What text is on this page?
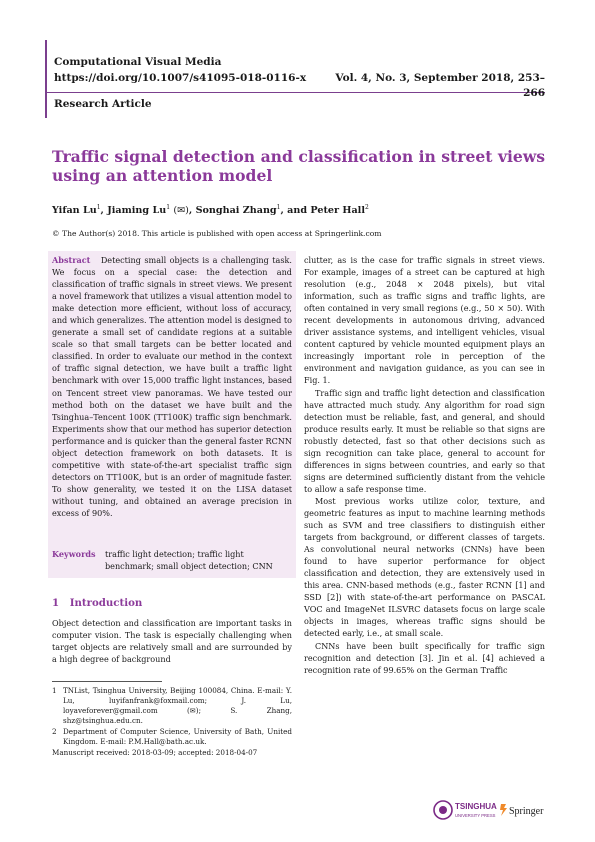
Computational Visual Media
https://doi.org/10.1007/s41095-018-0116-x	Vol. 4, No. 3, September 2018, 253–266
Research Article
Traffic signal detection and classification in street views using an attention model
Yifan Lu$^1$, Jiaming Lu$^1$ (✉), Songhai Zhang$^1$, and Peter Hall$^2$
© The Author(s) 2018. This article is published with open access at Springerlink.com

Abstract Detecting small objects is a challenging task. We focus on a special case: the detection and classification of traffic signals in street views. We present a novel framework that utilizes a visual attention model to make detection more efficient, without loss of accuracy, and which generalizes. The attention model is designed to generate a small set of candidate regions at a suitable scale so that small targets can be better located and classified. In order to evaluate our method in the context of traffic signal detection, we have built a traffic light benchmark with over 15,000 traffic light instances, based on Tencent street view panoramas. We have tested our method both on the dataset we have built and the Tsinghua–Tencent 100K (TT100K) traffic sign benchmark. Experiments show that our method has superior detection performance and is quicker than the general faster RCNN object detection framework on both datasets. It is competitive with state-of-the-art specialist traffic sign detectors on TT100K, but is an order of magnitude faster. To show generality, we tested it on the LISA dataset without tuning, and obtained an average precision in excess of 90%.

Keywords	traffic light detection; traffic light benchmark; small object detection; CNN
1 Introduction

Object detection and classification are important tasks in computer vision. The task is especially challenging when target objects are relatively small and are surrounded by a high degree of background

1 TNList, Tsinghua University, Beijing 100084, China. E-mail: Y. Lu, luyifanfrank@foxmail.com; J. Lu, loyaveforever@gmail.com (✉); S. Zhang, shz@tsinghua.edu.cn.
2 Department of Computer Science, University of Bath, United Kingdom. E-mail: P.M.Hall@bath.ac.uk.
Manuscript received: 2018-03-09; accepted: 2018-04-07

clutter, as is the case for traffic signals in street views. For example, images of a street can be captured at high resolution (e.g., 2048 × 2048 pixels), but vital information, such as traffic signs and traffic lights, are often contained in very small regions (e.g., 50 × 50). With recent developments in autonomous driving, advanced driver assistance systems, and intelligent vehicles, visual content captured by vehicle mounted equipment plays an increasingly important role in perception of the environment and navigation guidance, as you can see in Fig. 1.

Traffic sign and traffic light detection and classification have attracted much study. Any algorithm for road sign detection must be reliable, fast, and general, and should produce results early. It must be reliable so that signs are robustly detected, fast so that other decisions such as sign recognition can take place, general to account for differences in signs between countries, and early so that signs are determined sufficiently distant from the vehicle to allow a safe response time.

Most previous works utilize color, texture, and geometric features as input to machine learning methods such as SVM and tree classifiers to distinguish either targets from background, or different classes of targets. As convolutional neural networks (CNNs) have been found to have superior performance for object classification and detection, they are extensively used in this area. CNN-based methods (e.g., faster RCNN [1] and SSD [2]) with state-of-the-art performance on PASCAL VOC and ImageNet ILSVRC datasets focus on large scale objects in images, whereas traffic signs should be detected early, i.e., at small scale.

CNNs have been built specifically for traffic sign recognition and detection [3]. Jin et al. [4] achieved a recognition rate of 99.65% on the German Traffic

TSINGHUA
UNIVERSITY PRESS Springer
